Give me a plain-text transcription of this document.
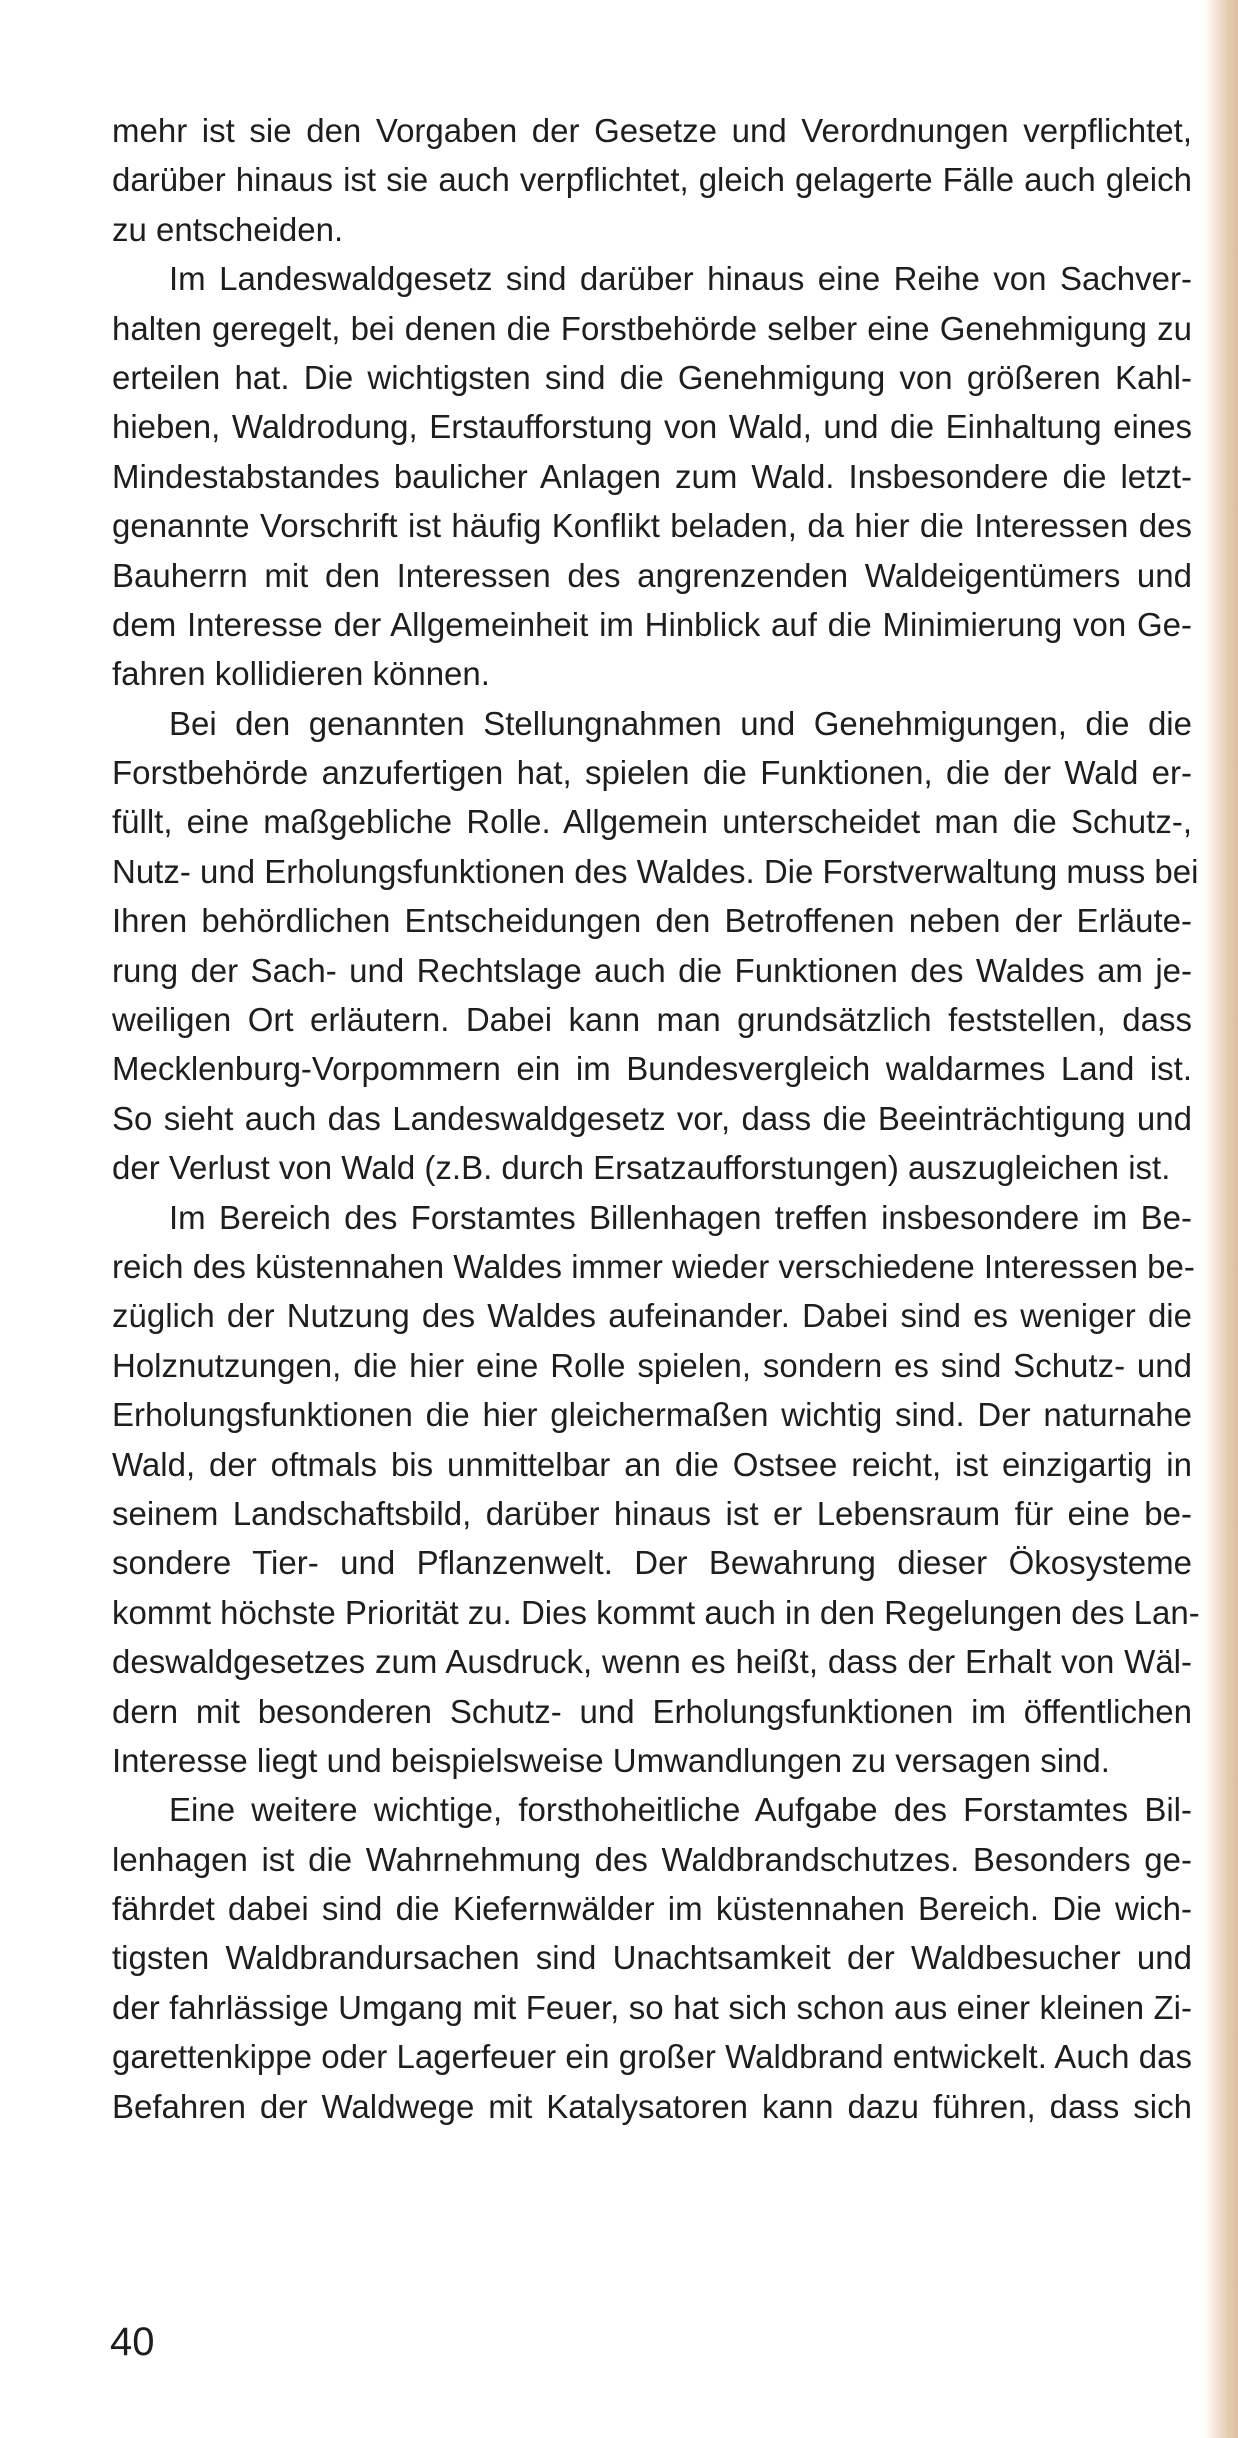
mehr ist sie den Vorgaben der Gesetze und Verordnungen verpflichtet,
darüber hinaus ist sie auch verpflichtet, gleich gelagerte Fälle auch gleich
zu entscheiden.
Im Landeswaldgesetz sind darüber hinaus eine Reihe von Sachver-
halten geregelt, bei denen die Forstbehörde selber eine Genehmigung zu
erteilen hat. Die wichtigsten sind die Genehmigung von größeren Kahl-
hieben, Waldrodung, Erstaufforstung von Wald, und die Einhaltung eines
Mindestabstandes baulicher Anlagen zum Wald. Insbesondere die letzt-
genannte Vorschrift ist häufig Konflikt beladen, da hier die Interessen des
Bauherrn mit den Interessen des angrenzenden Waldeigentümers und
dem Interesse der Allgemeinheit im Hinblick auf die Minimierung von Ge-
fahren kollidieren können.
Bei den genannten Stellungnahmen und Genehmigungen, die die
Forstbehörde anzufertigen hat, spielen die Funktionen, die der Wald er-
füllt, eine maßgebliche Rolle. Allgemein unterscheidet man die Schutz-,
Nutz- und Erholungsfunktionen des Waldes. Die Forstverwaltung muss bei
Ihren behördlichen Entscheidungen den Betroffenen neben der Erläute-
rung der Sach- und Rechtslage auch die Funktionen des Waldes am je-
weiligen Ort erläutern. Dabei kann man grundsätzlich feststellen, dass
Mecklenburg-Vorpommern ein im Bundesvergleich waldarmes Land ist.
So sieht auch das Landeswaldgesetz vor, dass die Beeinträchtigung und
der Verlust von Wald (z.B. durch Ersatzaufforstungen) auszugleichen ist.
Im Bereich des Forstamtes Billenhagen treffen insbesondere im Be-
reich des küstennahen Waldes immer wieder verschiedene Interessen be-
züglich der Nutzung des Waldes aufeinander. Dabei sind es weniger die
Holznutzungen, die hier eine Rolle spielen, sondern es sind Schutz- und
Erholungsfunktionen die hier gleichermaßen wichtig sind. Der naturnahe
Wald, der oftmals bis unmittelbar an die Ostsee reicht, ist einzigartig in
seinem Landschaftsbild, darüber hinaus ist er Lebensraum für eine be-
sondere Tier- und Pflanzenwelt. Der Bewahrung dieser Ökosysteme
kommt höchste Priorität zu. Dies kommt auch in den Regelungen des Lan-
deswaldgesetzes zum Ausdruck, wenn es heißt, dass der Erhalt von Wäl-
dern mit besonderen Schutz- und Erholungsfunktionen im öffentlichen
Interesse liegt und beispielsweise Umwandlungen zu versagen sind.
Eine weitere wichtige, forsthoheitliche Aufgabe des Forstamtes Bil-
lenhagen ist die Wahrnehmung des Waldbrandschutzes. Besonders ge-
fährdet dabei sind die Kiefernwälder im küstennahen Bereich. Die wich-
tigsten Waldbrandursachen sind Unachtsamkeit der Waldbesucher und
der fahrlässige Umgang mit Feuer, so hat sich schon aus einer kleinen Zi-
garettenkippe oder Lagerfeuer ein großer Waldbrand entwickelt. Auch das
Befahren der Waldwege mit Katalysatoren kann dazu führen, dass sich
40
